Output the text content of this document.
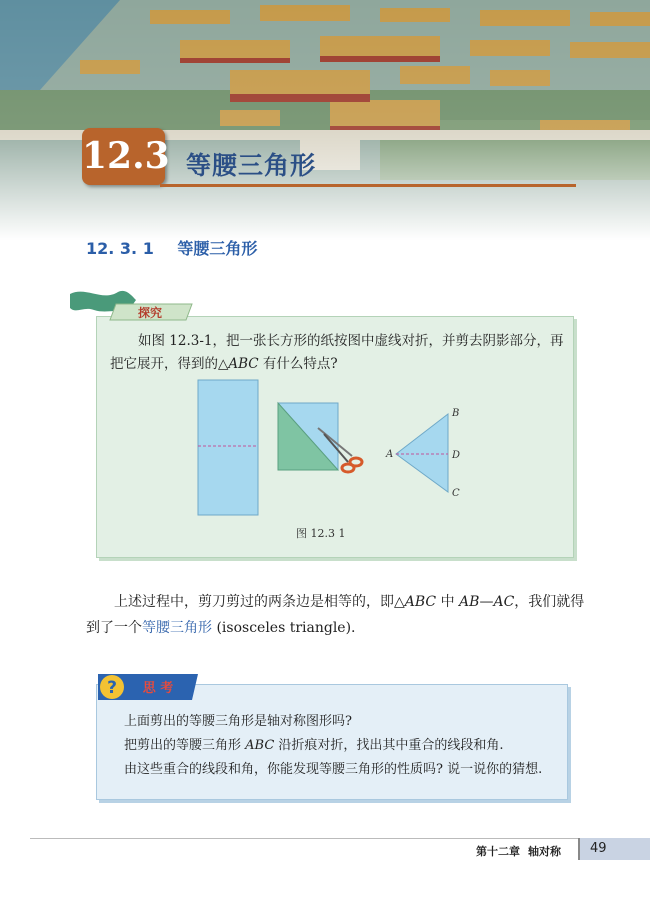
12.3 等腰三角形
12. 3. 1 等腰三角形
探究
如图 12.3-1，把一张长方形的纸按图中虚线对折，并剪去阴影部分，再把它展开，得到的△ABC 有什么特点?
A
B
C
D
图 12.3 1
上述过程中，剪刀剪过的两条边是相等的，即△ABC 中 AB—AC，我们就得到了一个等腰三角形 (isosceles triangle).
? 思 考

上面剪出的等腰三角形是轴对称图形吗?

把剪出的等腰三角形 ABC 沿折痕对折，找出其中重合的线段和角.

由这些重合的线段和角，你能发现等腰三角形的性质吗? 说一说你的猜想.

第十二章 轴对称	49
